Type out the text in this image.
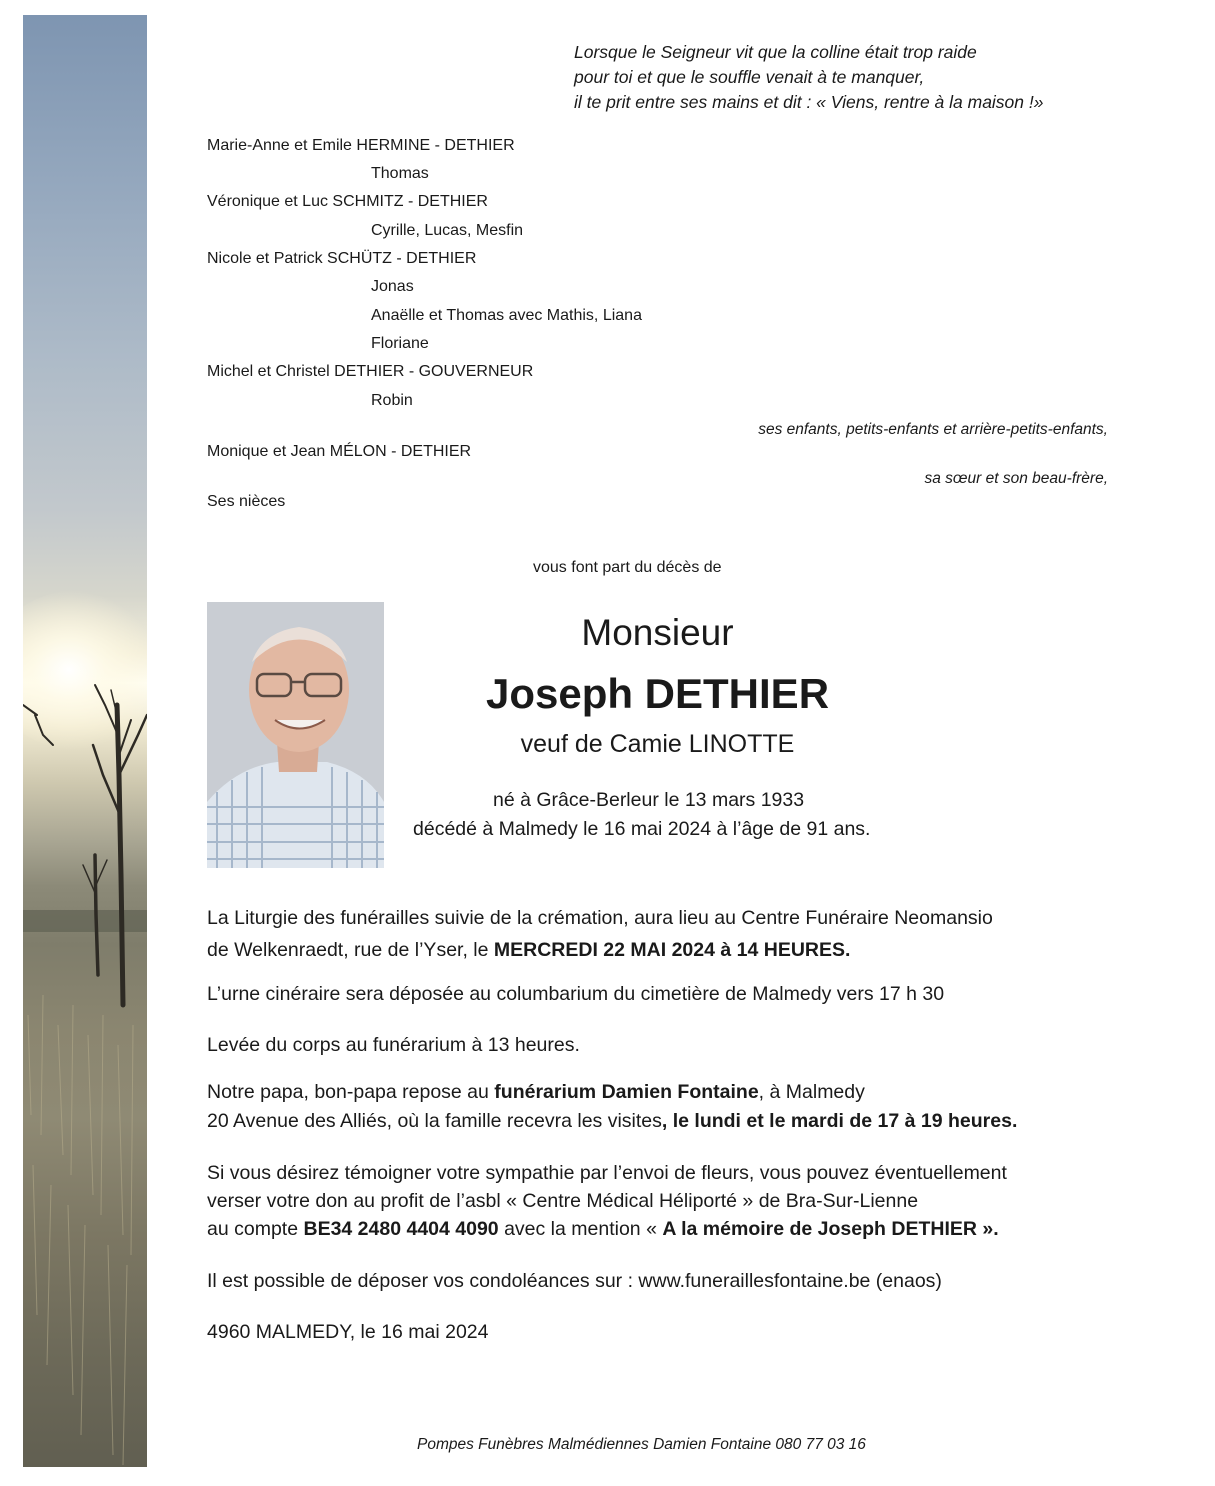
Lorsque le Seigneur vit que la colline était trop raide
pour toi et que le souffle venait à te manquer,
il te prit entre ses mains et dit : « Viens, rentre à la maison !»
Marie-Anne et Emile HERMINE - DETHIER
Thomas
Véronique et Luc SCHMITZ - DETHIER
Cyrille, Lucas, Mesfin
Nicole et Patrick SCHÜTZ - DETHIER
Jonas
Anaëlle et Thomas avec Mathis, Liana
Floriane
Michel et Christel DETHIER - GOUVERNEUR
Robin
ses enfants, petits-enfants et arrière-petits-enfants,
Monique et Jean MÉLON - DETHIER
sa sœur et son beau-frère,
Ses nièces
vous font part du décès de
Monsieur
Joseph DETHIER
veuf de Camie LINOTTE
né à Grâce-Berleur le 13 mars 1933
décédé à Malmedy le 16 mai 2024 à l’âge de 91 ans.
La Liturgie des funérailles suivie de la crémation, aura lieu au Centre Funéraire Neomansio
de Welkenraedt, rue de l’Yser, le MERCREDI 22 MAI 2024 à 14 HEURES.
L’urne cinéraire sera déposée au columbarium du cimetière de Malmedy vers 17 h 30
Levée du corps au funérarium à 13 heures.
Notre papa, bon-papa repose au funérarium Damien Fontaine, à Malmedy
20 Avenue des Alliés, où la famille recevra les visites, le lundi et le mardi de 17 à 19 heures.
Si vous désirez témoigner votre sympathie par l’envoi de fleurs, vous pouvez éventuellement
verser votre don au profit de l’asbl « Centre Médical Héliporté » de Bra-Sur-Lienne
au compte BE34 2480 4404 4090 avec la mention « A la mémoire de Joseph DETHIER ».
Il est possible de déposer vos condoléances sur : www.funeraillesfontaine.be (enaos)
4960 MALMEDY, le 16 mai 2024
Pompes Funèbres Malmédiennes Damien Fontaine 080 77 03 16
